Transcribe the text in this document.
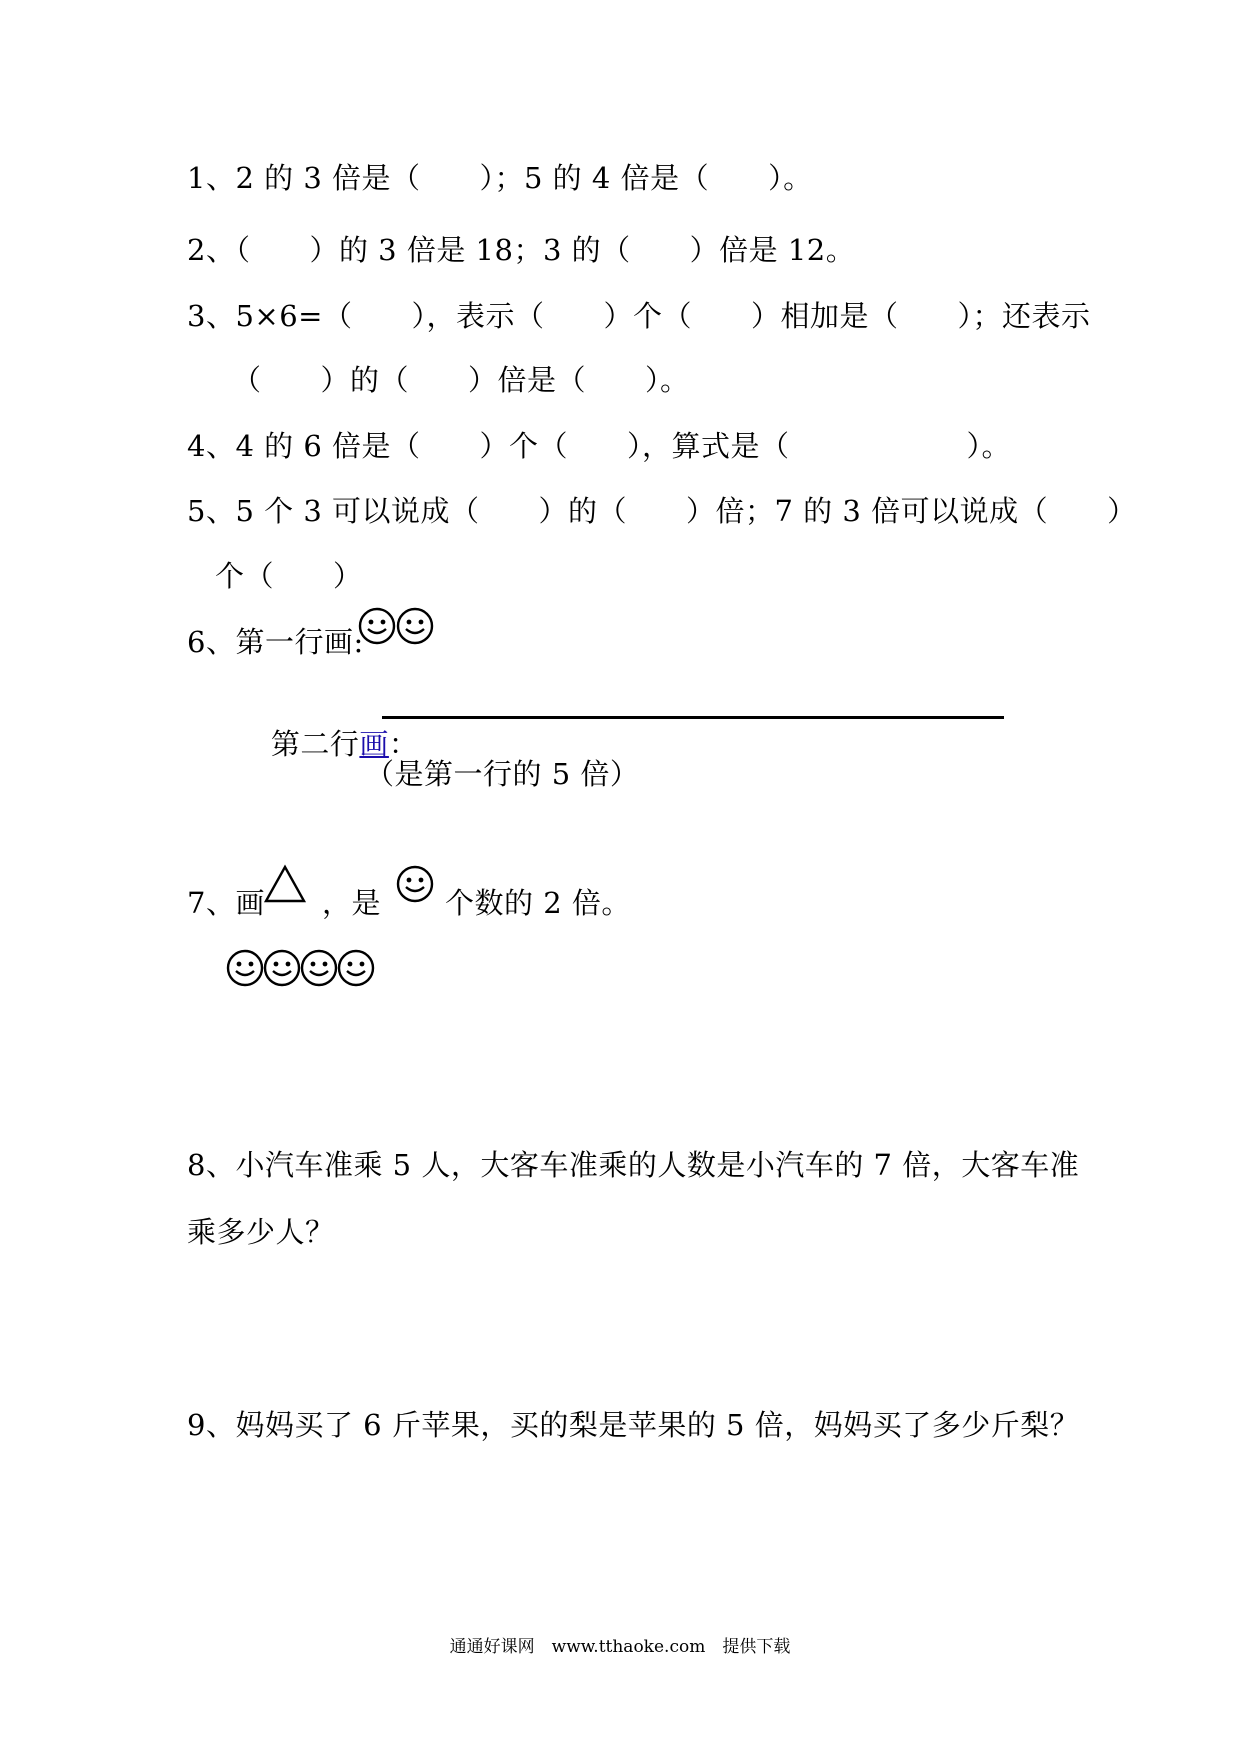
1、2 的 3 倍是（　　）；5 的 4 倍是（　　）。
2、（　　）的 3 倍是 18；3 的（　　）倍是 12。
3、5×6=（　　），表示（　　）个（　　）相加是（　　）；还表示
（　　）的（　　）倍是（　　）。
4、4 的 6 倍是（　　）个（　　），算式是（　　　　　　）。
5、5 个 3 可以说成（　　）的（　　）倍；7 的 3 倍可以说成（　　）
个（　　）
6、第一行画:

第二行画：

（是第一行的 5 倍）
7、画 ，是 个数的 2 倍。
8、小汽车准乘 5 人，大客车准乘的人数是小汽车的 7 倍，大客车准
乘多少人？
9、妈妈买了 6 斤苹果，买的梨是苹果的 5 倍，妈妈买了多少斤梨？
通通好课网　www.tthaoke.com　提供下载
